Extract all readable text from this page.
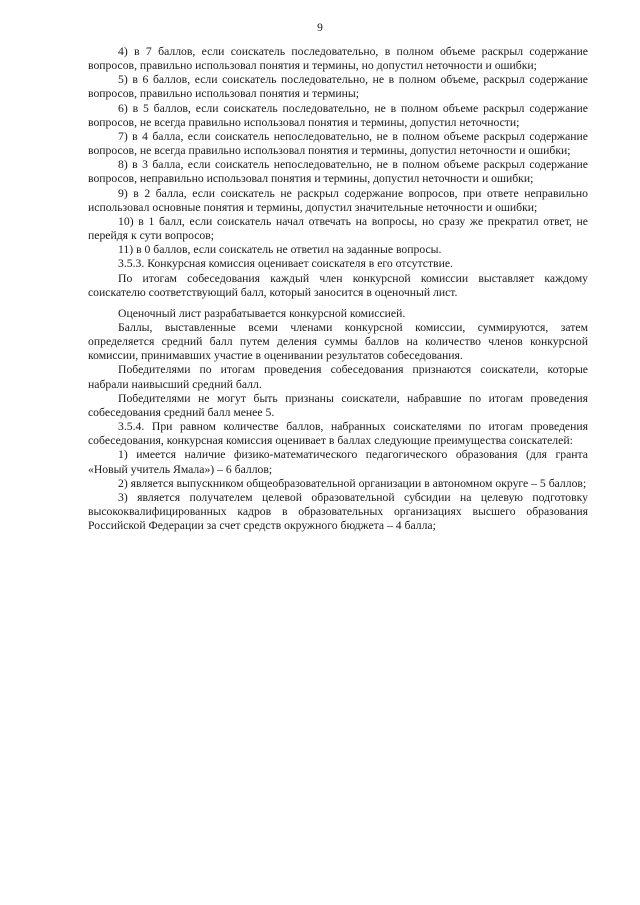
9

4) в 7 баллов, если соискатель последовательно, в полном объеме раскрыл содержание вопросов, правильно использовал понятия и термины, но допустил неточности и ошибки;

5) в 6 баллов, если соискатель последовательно, не в полном объеме, раскрыл содержание вопросов, правильно использовал понятия и термины;

6) в 5 баллов, если соискатель последовательно, не в полном объеме раскрыл содержание вопросов, не всегда правильно использовал понятия и термины, допустил неточности;

7) в 4 балла, если соискатель непоследовательно, не в полном объеме раскрыл содержание вопросов, не всегда правильно использовал понятия и термины, допустил неточности и ошибки;

8) в 3 балла, если соискатель непоследовательно, не в полном объеме раскрыл содержание вопросов, неправильно использовал понятия и термины, допустил неточности и ошибки;

9) в 2 балла, если соискатель не раскрыл содержание вопросов, при ответе неправильно использовал основные понятия и термины, допустил значительные неточности и ошибки;

10) в 1 балл, если соискатель начал отвечать на вопросы, но сразу же прекратил ответ, не перейдя к сути вопросов;

11) в 0 баллов, если соискатель не ответил на заданные вопросы.

3.5.3. Конкурсная комиссия оценивает соискателя в его отсутствие.

По итогам собеседования каждый член конкурсной комиссии выставляет каждому соискателю соответствующий балл, который заносится в оценочный лист.

Оценочный лист разрабатывается конкурсной комиссией.

Баллы, выставленные всеми членами конкурсной комиссии, суммируются, затем определяется средний балл путем деления суммы баллов на количество членов конкурсной комиссии, принимавших участие в оценивании результатов собеседования.

Победителями по итогам проведения собеседования признаются соискатели, которые набрали наивысший средний балл.

Победителями не могут быть признаны соискатели, набравшие по итогам проведения собеседования средний балл менее 5.

3.5.4. При равном количестве баллов, набранных соискателями по итогам проведения собеседования, конкурсная комиссия оценивает в баллах следующие преимущества соискателей:

1) имеется наличие физико-математического педагогического образования (для гранта «Новый учитель Ямала») – 6 баллов;

2) является выпускником общеобразовательной организации в автономном округе – 5 баллов;

3) является получателем целевой образовательной субсидии на целевую подготовку высококвалифицированных кадров в образовательных организациях высшего образования Российской Федерации за счет средств окружного бюджета – 4 балла;
